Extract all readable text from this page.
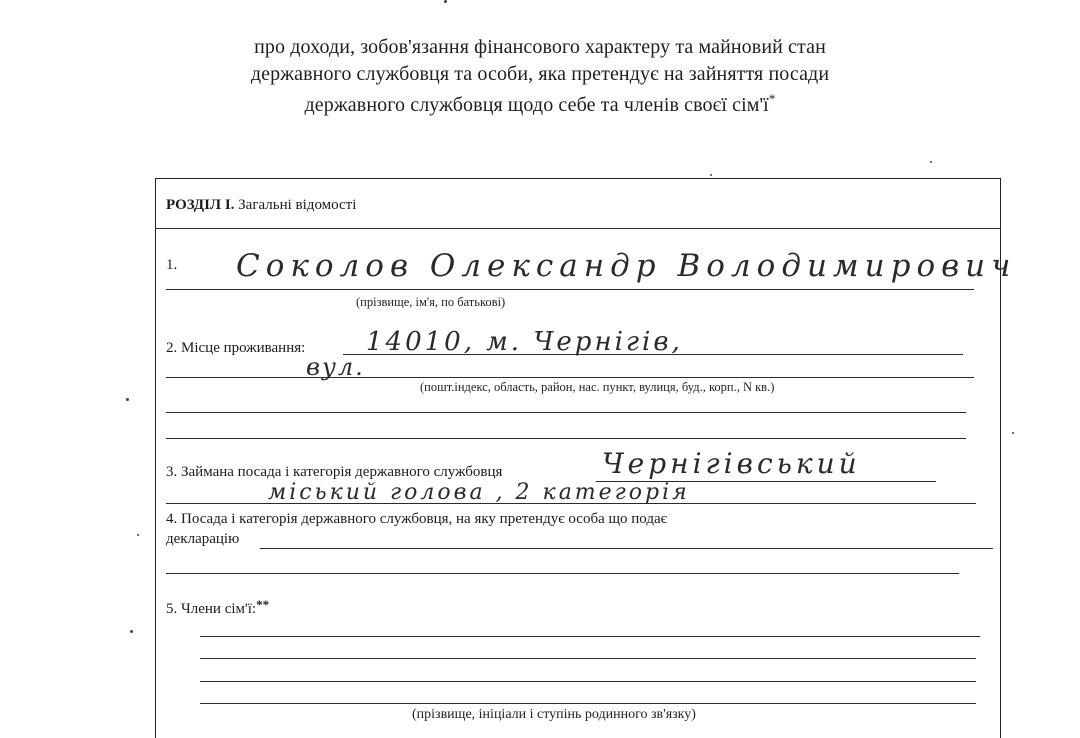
про доходи, зобов'язання фінансового характеру та майновий стан
державного службовця та особи, яка претендує на зайняття посади
державного службовця щодо себе та членів своєї сім'ї*
РОЗДІЛ І. Загальні відомості
1. Соколов Олександр Володимирович
(прізвище, ім'я, по батькові)
2. Місце проживання: 14010, м. Чернігів,
вул.
(пошт.індекс, область, район, нас. пункт, вулиця, буд., корп., N кв.)
3. Займана посада і категорія державного службовця	Чернігівський
міський голова , 2 категорія
4. Посада і категорія державного службовця, на яку претендує особа що подає
декларацію
5. Члени сім'ї:**
(прізвище, ініціали і ступінь родинного зв'язку)
